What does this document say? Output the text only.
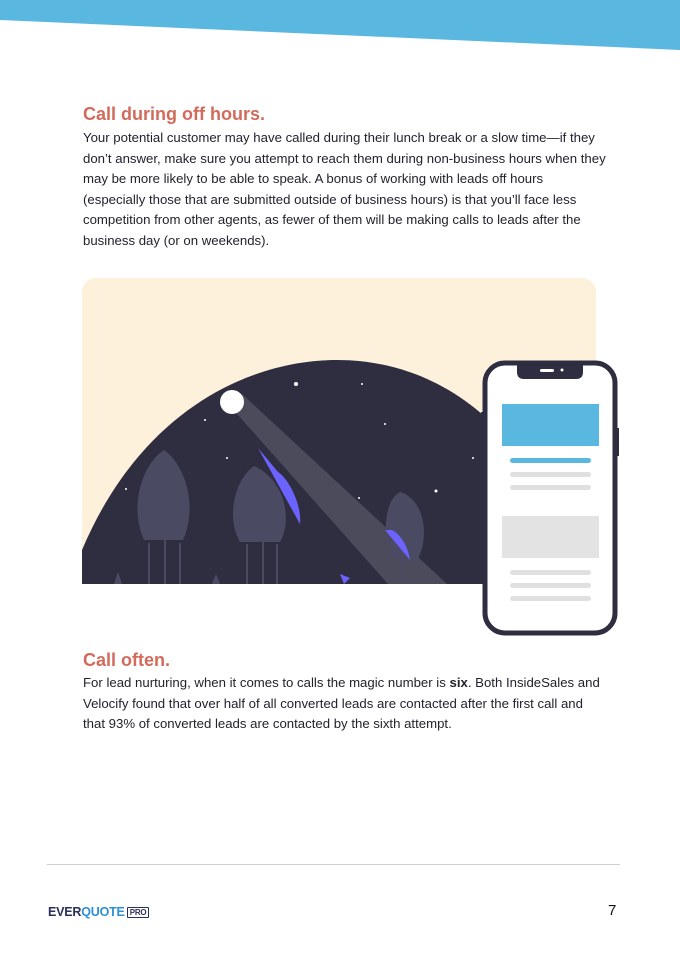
Call during off hours.

Your potential customer may have called during their lunch break or a slow time—if they don’t answer, make sure you attempt to reach them during non-business hours when they may be more likely to be able to speak. A bonus of working with leads off hours (especially those that are submitted outside of business hours) is that you’ll face less competition from other agents, as fewer of them will be making calls to leads after the business day (or on weekends).

Call often.

For lead nurturing, when it comes to calls the magic number is six. Both InsideSales and Velocify found that over half of all converted leads are contacted after the first call and that 93% of converted leads are contacted by the sixth attempt.

EVER QUOTE PRO	7
